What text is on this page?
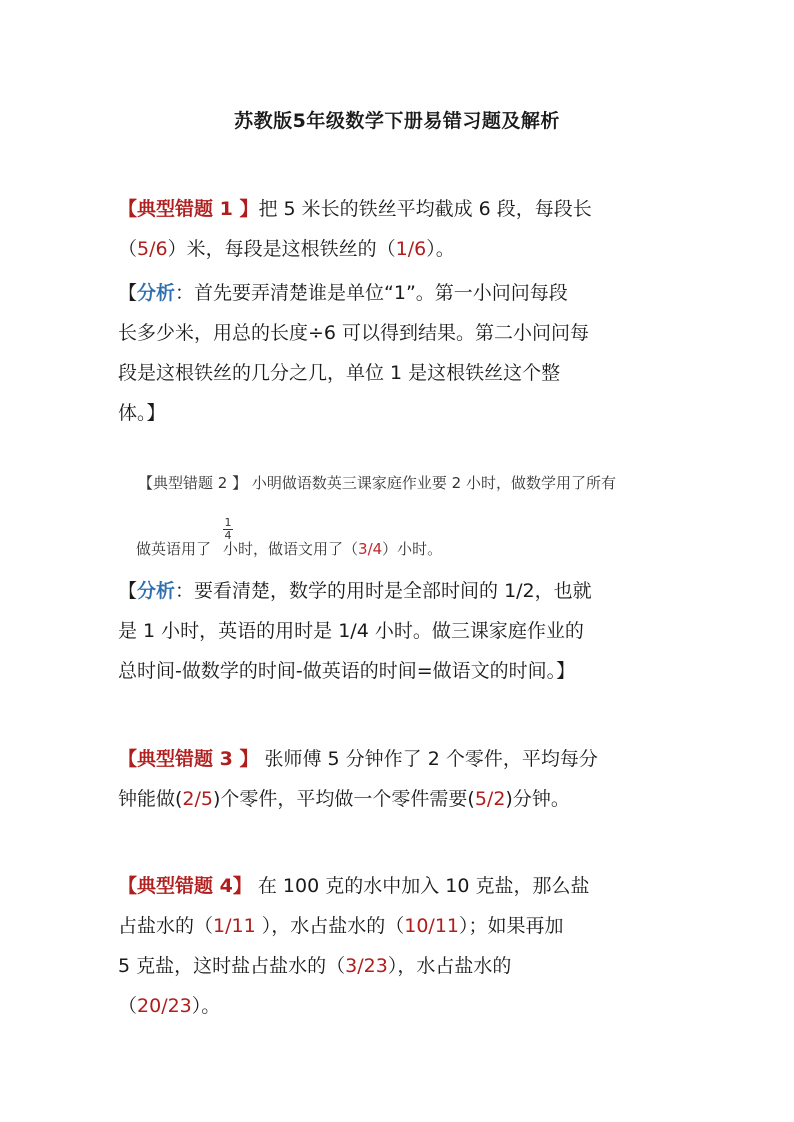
苏教版5年级数学下册易错习题及解析
【典型错题 1 】把 5 米长的铁丝平均截成 6 段，每段长
（5/6）米，每段是这根铁丝的（1/6）。
【分析：首先要弄清楚谁是单位“1”。第一小问问每段
长多少米，用总的长度÷6 可以得到结果。第二小问问每
段是这根铁丝的几分之几，单位 1 是这根铁丝这个整
体。】
【典型错题 2 】 小明做语数英三课家庭作业要 2 小时，做数学用了所有
$\frac{1}{4}$
做英语用了 小时，做语文用了（3/4）小时。
【分析：要看清楚，数学的用时是全部时间的 1/2，也就
是 1 小时，英语的用时是 1/4 小时。做三课家庭作业的
总时间-做数学的时间-做英语的时间=做语文的时间。】
【典型错题 3 】 张师傅 5 分钟作了 2 个零件，平均每分
钟能做(2/5)个零件，平均做一个零件需要(5/2)分钟。
【典型错题 4】 在 100 克的水中加入 10 克盐，那么盐
占盐水的（1/11 ），水占盐水的（10/11）；如果再加
5 克盐，这时盐占盐水的（3/23），水占盐水的
（20/23）。
